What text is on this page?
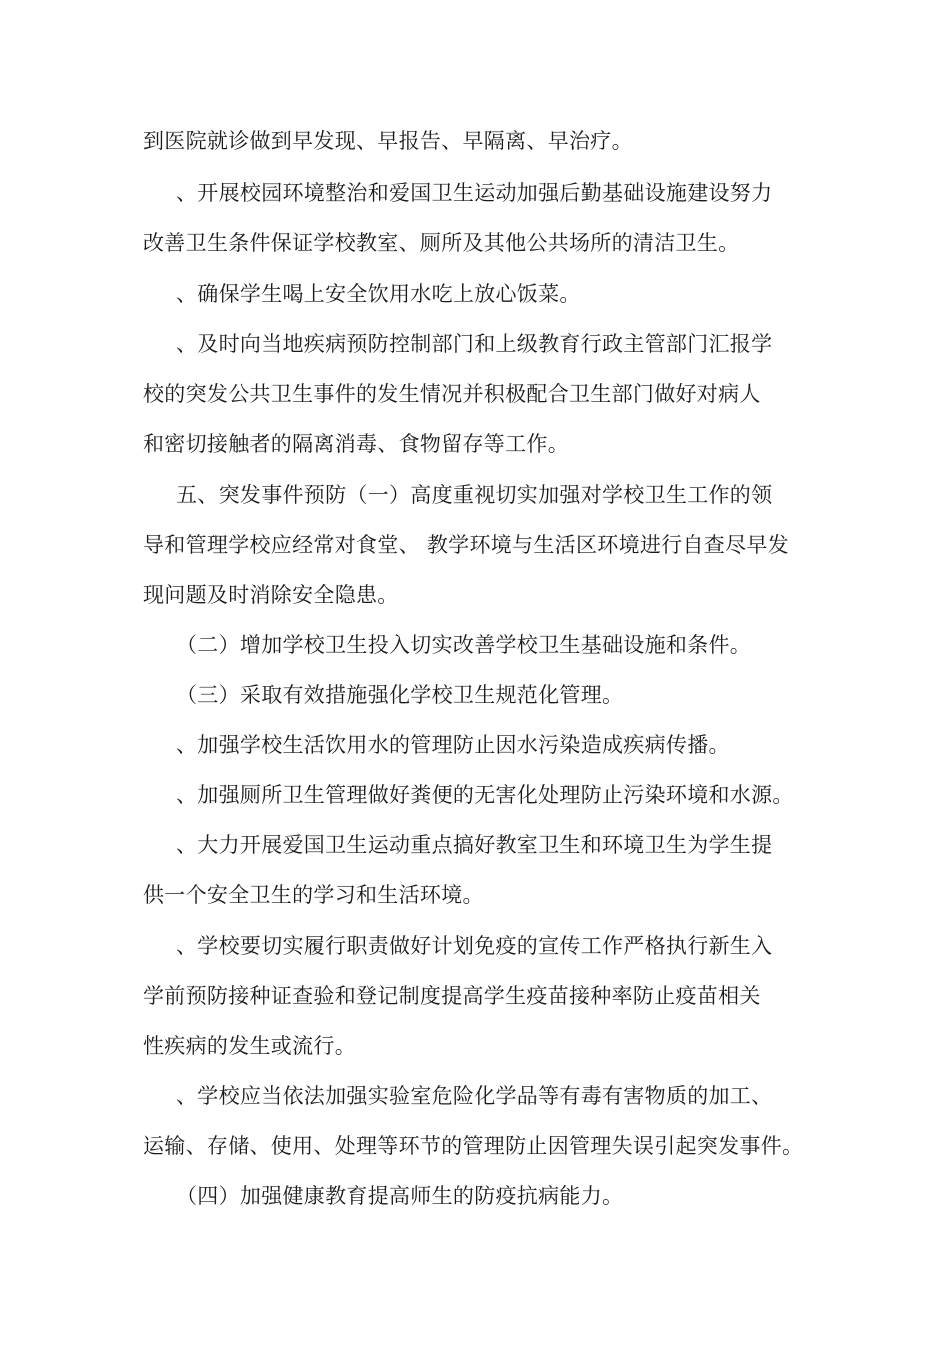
到医院就诊做到早发现、早报告、早隔离、早治疗。
、开展校园环境整治和爱国卫生运动加强后勤基础设施建设努力
改善卫生条件保证学校教室、厕所及其他公共场所的清洁卫生。
、确保学生喝上安全饮用水吃上放心饭菜。
、及时向当地疾病预防控制部门和上级教育行政主管部门汇报学
校的突发公共卫生事件的发生情况并积极配合卫生部门做好对病人
和密切接触者的隔离消毒、食物留存等工作。
五、突发事件预防（一）高度重视切实加强对学校卫生工作的领
导和管理学校应经常对食堂、 教学环境与生活区环境进行自查尽早发
现问题及时消除安全隐患。
（二）增加学校卫生投入切实改善学校卫生基础设施和条件。
（三）采取有效措施强化学校卫生规范化管理。
、加强学校生活饮用水的管理防止因水污染造成疾病传播。
、加强厕所卫生管理做好粪便的无害化处理防止污染环境和水源。
、大力开展爱国卫生运动重点搞好教室卫生和环境卫生为学生提
供一个安全卫生的学习和生活环境。
、学校要切实履行职责做好计划免疫的宣传工作严格执行新生入
学前预防接种证查验和登记制度提高学生疫苗接种率防止疫苗相关
性疾病的发生或流行。
、学校应当依法加强实验室危险化学品等有毒有害物质的加工、
运输、存储、使用、处理等环节的管理防止因管理失误引起突发事件。
（四）加强健康教育提高师生的防疫抗病能力。
